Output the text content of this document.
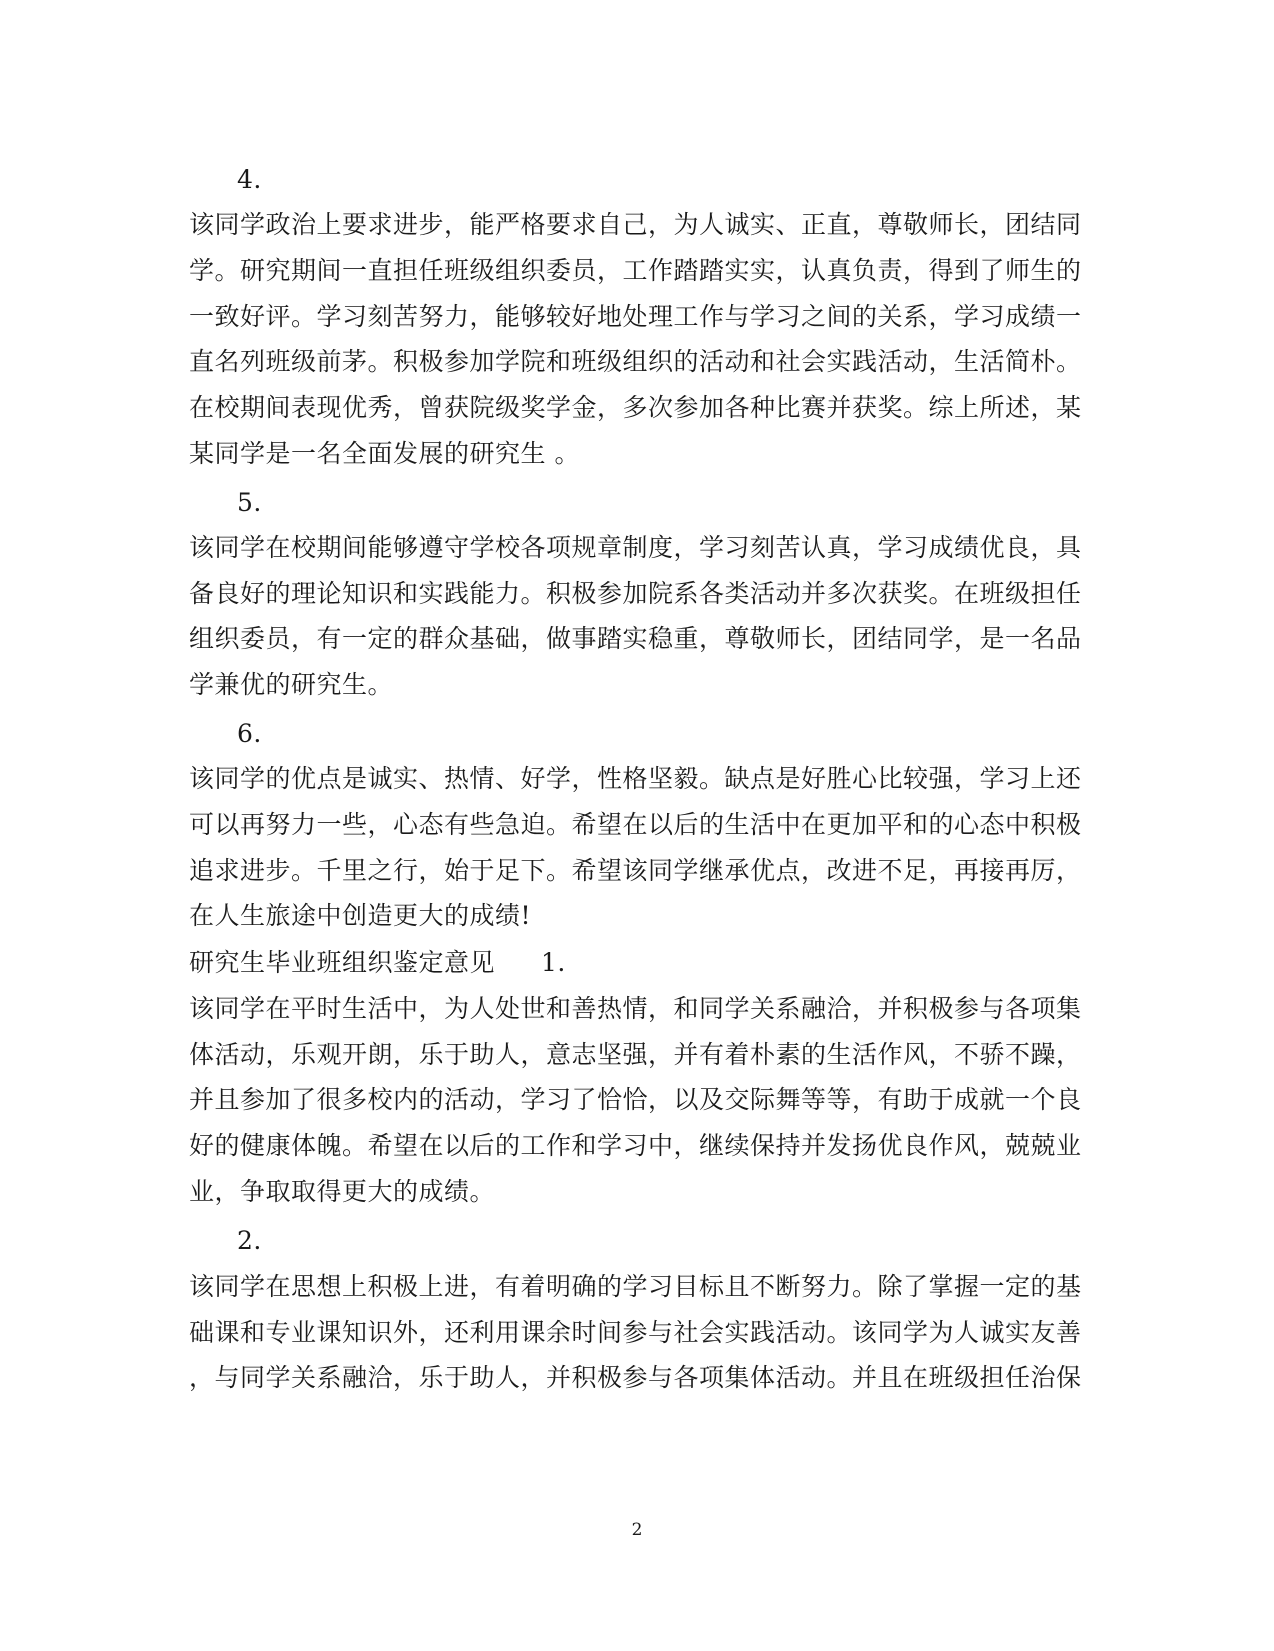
4.
该同学政治上要求进步，能严格要求自己，为人诚实、正直，尊敬师长，团结同
学。研究期间一直担任班级组织委员，工作踏踏实实，认真负责，得到了师生的
一致好评。学习刻苦努力，能够较好地处理工作与学习之间的关系，学习成绩一
直名列班级前茅。积极参加学院和班级组织的活动和社会实践活动，生活简朴。
在校期间表现优秀，曾获院级奖学金，多次参加各种比赛并获奖。综上所述，某
某同学是一名全面发展的研究生 。
5.
该同学在校期间能够遵守学校各项规章制度，学习刻苦认真，学习成绩优良，具
备良好的理论知识和实践能力。积极参加院系各类活动并多次获奖。在班级担任
组织委员，有一定的群众基础，做事踏实稳重，尊敬师长，团结同学，是一名品
学兼优的研究生。
6.
该同学的优点是诚实、热情、好学，性格坚毅。缺点是好胜心比较强，学习上还
可以再努力一些，心态有些急迫。希望在以后的生活中在更加平和的心态中积极
追求进步。千里之行，始于足下。希望该同学继承优点，改进不足，再接再厉，
在人生旅途中创造更大的成绩!
研究生毕业班组织鉴定意见 1.
该同学在平时生活中，为人处世和善热情，和同学关系融洽，并积极参与各项集
体活动，乐观开朗，乐于助人，意志坚强，并有着朴素的生活作风，不骄不躁，
并且参加了很多校内的活动，学习了恰恰，以及交际舞等等，有助于成就一个良
好的健康体魄。希望在以后的工作和学习中，继续保持并发扬优良作风，兢兢业
业，争取取得更大的成绩。
2.
该同学在思想上积极上进，有着明确的学习目标且不断努力。除了掌握一定的基
础课和专业课知识外，还利用课余时间参与社会实践活动。该同学为人诚实友善
，与同学关系融洽，乐于助人，并积极参与各项集体活动。并且在班级担任治保
2
